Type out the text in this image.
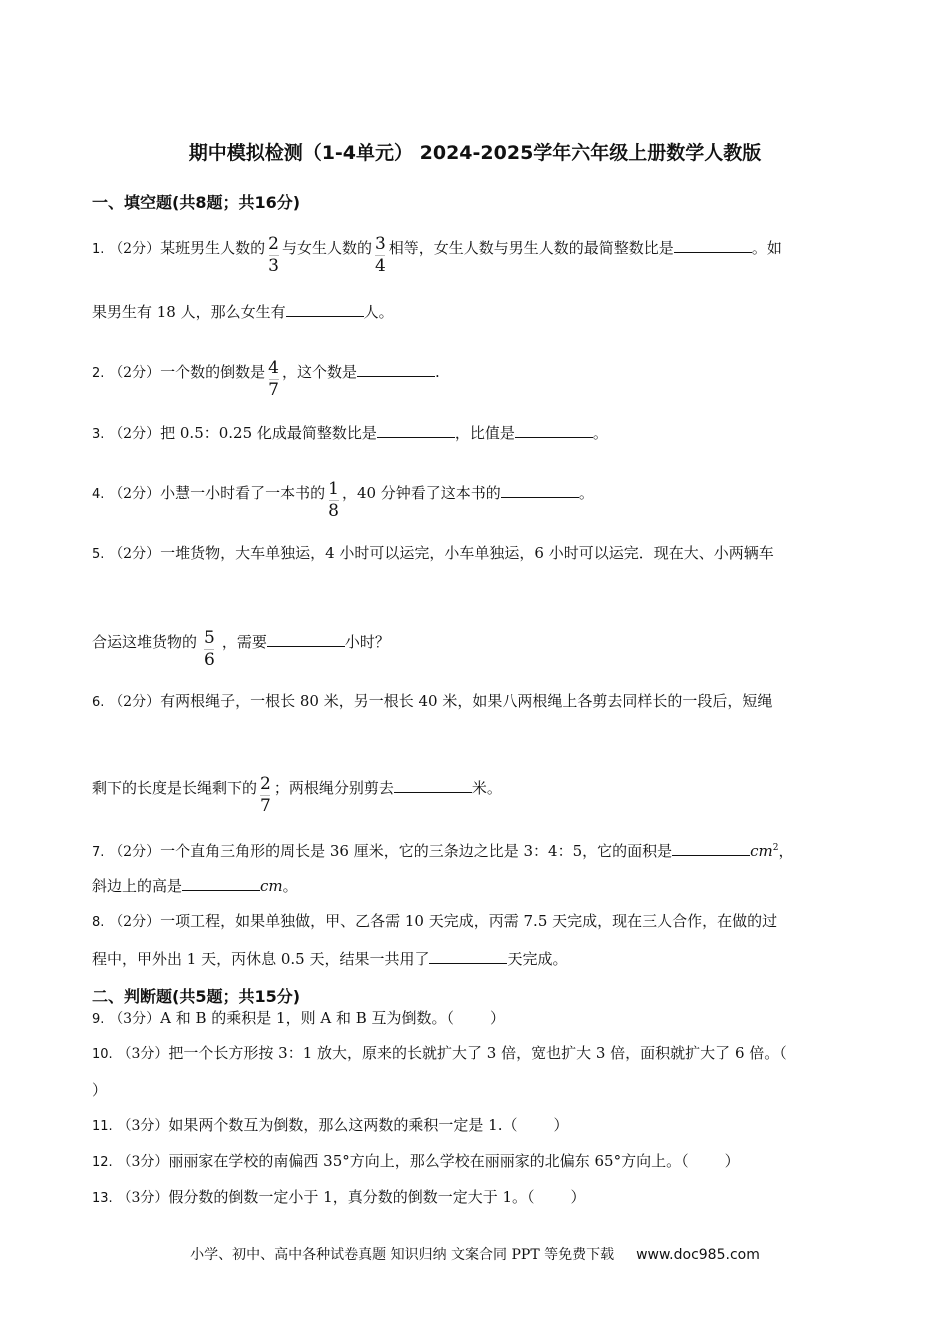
期中模拟检测（1-4单元） 2024-2025学年六年级上册数学人教版
一、填空题(共8题；共16分)
1. （2分）某班男生人数的 $\frac{2}{3}$ 与女生人数的 $\frac{3}{4}$ 相等，女生人数与男生人数的最简整数比是	。如
果男生有 18 人，那么女生有	人。
2. （2分）一个数的倒数是 $\frac{4}{7}$ ，这个数是	.
3. （2分）把 0.5：0.25 化成最简整数比是	，比值是	。
4. （2分）小慧一小时看了一本书的 $\frac{1}{8}$ ，40 分钟看了这本书的	。
5. （2分）一堆货物，大车单独运，4 小时可以运完，小车单独运，6 小时可以运完．现在大、小两辆车
合运这堆货物的 $\frac{5}{6}$ ，需要	小时？
6. （2分）有两根绳子，一根长 80 米，另一根长 40 米，如果八两根绳上各剪去同样长的一段后，短绳
剩下的长度是长绳剩下的 $\frac{2}{7}$ ；两根绳分别剪去	米。
7. （2分）一个直角三角形的周长是 36 厘米，它的三条边之比是 3：4：5，它的面积是	$cm^2$，
斜边上的高是	cm。
8. （2分）一项工程，如果单独做，甲、乙各需 10 天完成，丙需 7.5 天完成，现在三人合作，在做的过
程中，甲外出 1 天，丙休息 0.5 天，结果一共用了	天完成。
二、判断题(共5题；共15分)
9. （3分）A 和 B 的乘积是 1，则 A 和 B 互为倒数。（ ）
10. （3分）把一个长方形按 3：1 放大，原来的长就扩大了 3 倍，宽也扩大 3 倍，面积就扩大了 6 倍。（
）
11. （3分）如果两个数互为倒数，那么这两数的乘积一定是 1.（ ）
12. （3分）丽丽家在学校的南偏西 35°方向上，那么学校在丽丽家的北偏东 65°方向上。（ ）
13. （3分）假分数的倒数一定小于 1，真分数的倒数一定大于 1。（ ）
小学、初中、高中各种试卷真题 知识归纳 文案合同 PPT 等免费下载 www.doc985.com
